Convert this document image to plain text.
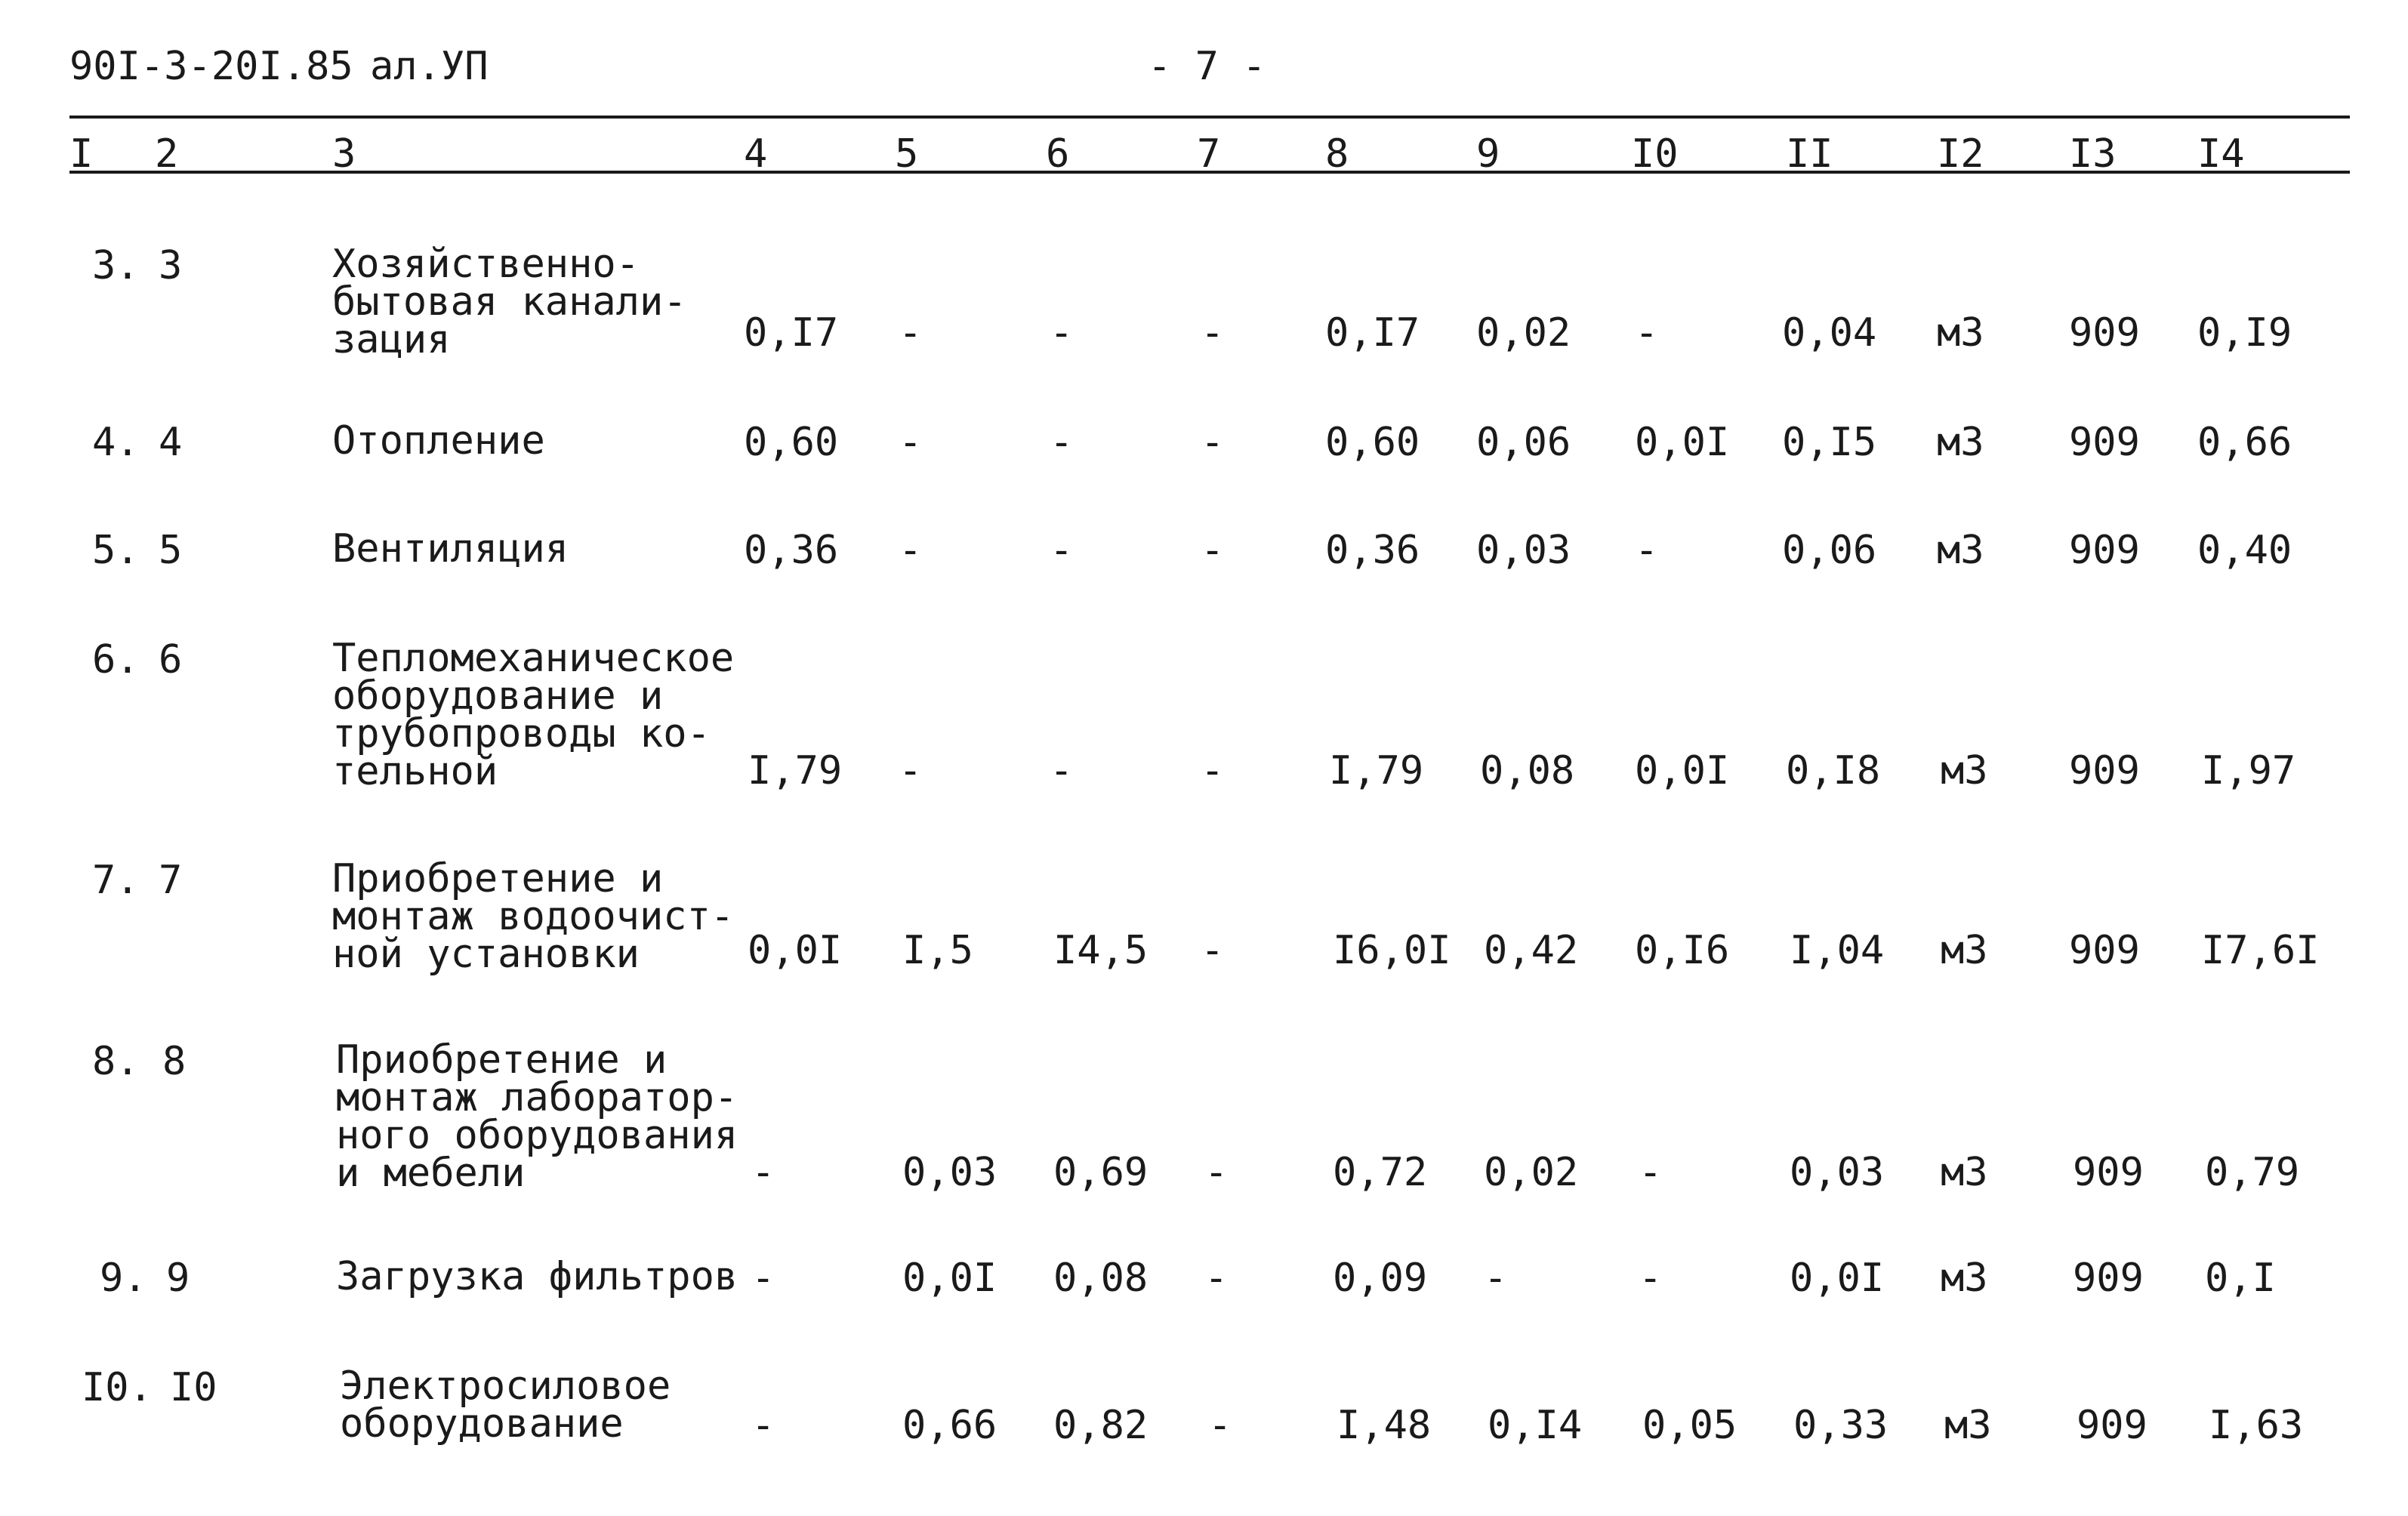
90I-3-20I.85 ал.УП	- 7 -
I 2	3	4	5	6	7	8	9	I0	II	I2 I3 I4
3. 3	Хозяйственно-
бытовая канали-
зация	0,I7 -	-	-	0,I7 0,02 -	0,04 м3 909 0,I9
4. 4	Отопление	0,60 -	-	-	0,60 0,06 0,0I 0,I5 м3 909 0,66
5. 5	Вентиляция	0,36 -	-	-	0,36 0,03 -	0,06 м3 909 0,40
6. 6	Тепломеханическое
оборудование и
трубопроводы ко-
тельной	I,79 -	-	-	I,79 0,08 0,0I 0,I8 м3 909 I,97
7. 7	Приобретение и
монтаж водоочист-
ной установки	0,0I I,5 I4,5 -	I6,0I 0,42 0,I6 I,04 м3 909 I7,6I
8. 8	Приобретение и
монтаж лаборатор-
ного оборудования
и мебели	-	0,03 0,69 -	0,72 0,02 -	0,03 м3 909 0,79
9. 9	Загрузка фильтров -	0,0I 0,08 -	0,09 -	-	0,0I м3 909 0,I
I0. I0	Электросиловое
оборудование	-	0,66 0,82 -	I,48 0,I4 0,05 0,33 м3 909 I,63
